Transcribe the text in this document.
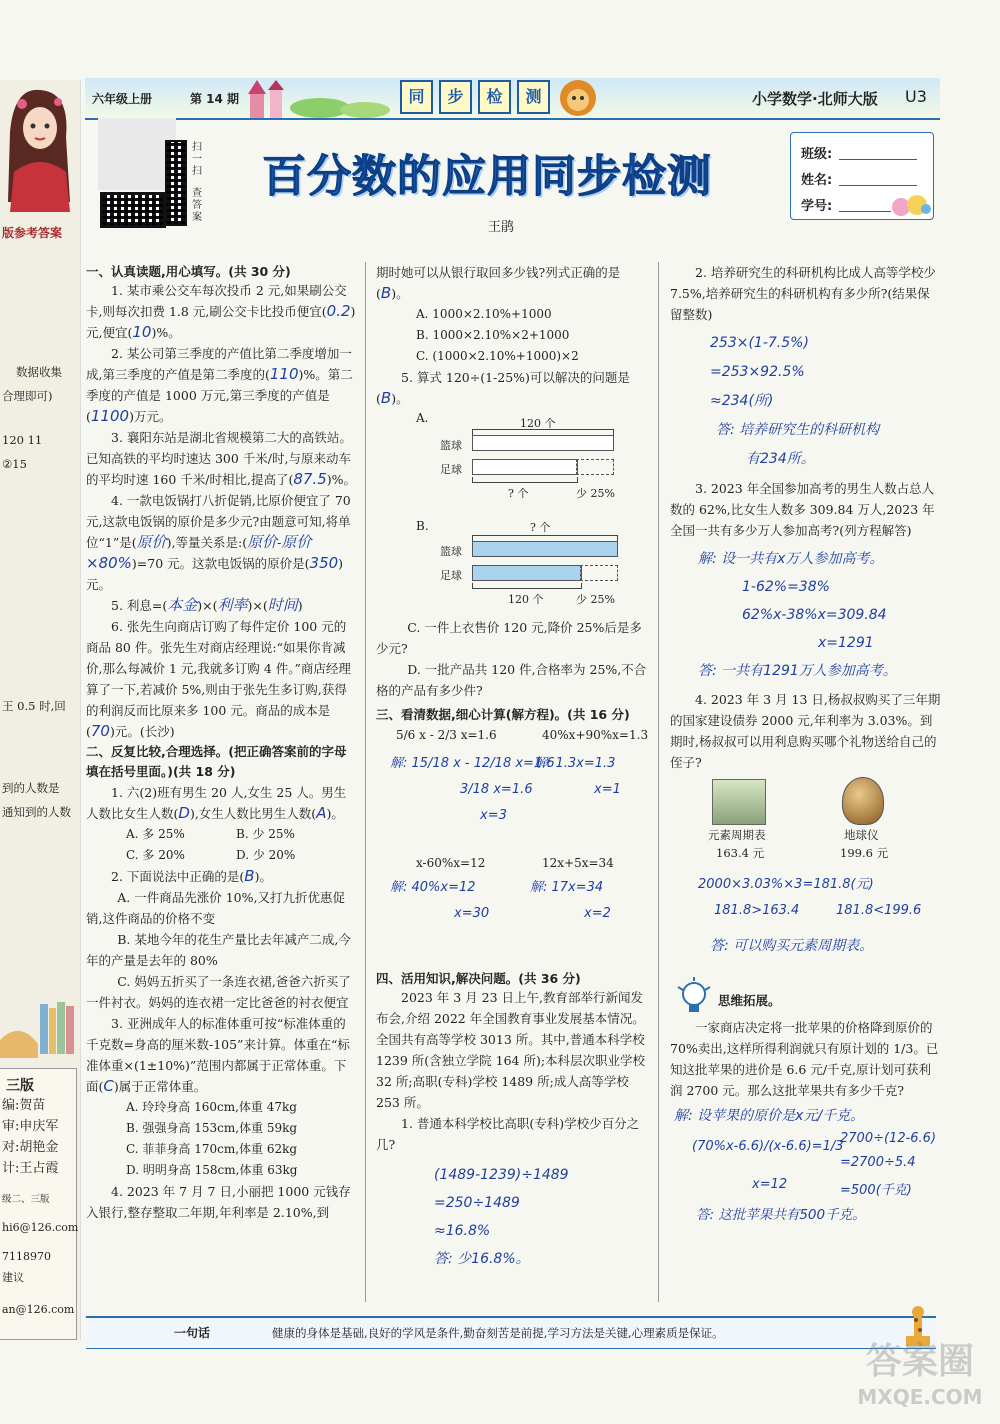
版参考答案
数据收集
合理即可)
120 11
②15
王 0.5 时,回
到的人数是
通知到的人数
三版
编:贺苗
审:申庆军
对:胡艳金
计:王占霞
级二、三版
hi6@126.com
7118970
建议
an@126.com
六年级上册	第 14 期	同	步	检	测	小学数学·北师大版 U3
扫一扫
查答案
百分数的应用同步检测
王鹃
班级:
姓名:
学号:

一、认真读题,用心填写。(共 30 分)

1. 某市乘公交车每次投币 2 元,如果刷公交卡,则每次扣费 1.8 元,刷公交卡比投币便宜(0.2)元,便宜(10)%。

2. 某公司第三季度的产值比第二季度增加一成,第三季度的产值是第二季度的(110)%。第二季度的产值是 1000 万元,第三季度的产值是(1100)万元。

3. 襄阳东站是湖北省规模第二大的高铁站。已知高铁的平均时速达 300 千米/时,与原来动车的平均时速 160 千米/时相比,提高了(87.5)%。

4. 一款电饭锅打八折促销,比原价便宜了 70 元,这款电饭锅的原价是多少元?由题意可知,将单位“1”是(原价),等量关系是:(原价-原价×80%)=70 元。这款电饭锅的原价是(350)元。

5. 利息=(本金)×(利率)×(时间)

6. 张先生向商店订购了每件定价 100 元的商品 80 件。张先生对商店经理说:“如果你肯减价,那么每减价 1 元,我就多订购 4 件。”商店经理算了一下,若减价 5%,则由于张先生多订购,获得的利润反而比原来多 100 元。商品的成本是(70)元。(长沙)

二、反复比较,合理选择。(把正确答案前的字母填在括号里面。)(共 18 分)

1. 六(2)班有男生 20 人,女生 25 人。男生人数比女生人数(D),女生人数比男生人数(A)。

A. 多 25%	B. 少 25%
C. 多 20%	D. 少 20%

2. 下面说法中正确的是(B)。

A. 一件商品先涨价 10%,又打九折优惠促销,这件商品的价格不变

B. 某地今年的花生产量比去年减产二成,今年的产量是去年的 80%

C. 妈妈五折买了一条连衣裙,爸爸六折买了一件衬衣。妈妈的连衣裙一定比爸爸的衬衣便宜

3. 亚洲成年人的标准体重可按“标准体重的千克数=身高的厘米数-105”来计算。体重在“标准体重×(1±10%)”范围内都属于正常体重。下面(C)属于正常体重。

A. 玲玲身高 160cm,体重 47kg

B. 强强身高 153cm,体重 59kg

C. 菲菲身高 170cm,体重 62kg

D. 明明身高 158cm,体重 63kg

4. 2023 年 7 月 7 日,小丽把 1000 元钱存入银行,整存整取二年期,年利率是 2.10%,到

期时她可以从银行取回多少钱?列式正确的是(B)。

A. 1000×2.10%+1000

B. 1000×2.10%×2+1000

C. (1000×2.10%+1000)×2

5. 算式 120÷(1-25%)可以解决的问题是(B)。

A.	120 个
篮球
足球
? 个	少 25%
B.	? 个
篮球
足球
120 个	少 25%

C. 一件上衣售价 120 元,降价 25%后是多少元?

D. 一批产品共 120 件,合格率为 25%,不合格的产品有多少件?

三、看清数据,细心计算(解方程)。(共 16 分)

5/6 x - 2/3 x=1.6	40%x+90%x=1.3
解: 15/18 x - 12/18 x=1.6
3/18 x=1.6
x=3
解: 1.3x=1.3
x=1
x-60%x=12	12x+5x=34
解: 40%x=12
x=30
解: 17x=34
x=2

四、活用知识,解决问题。(共 36 分)

2023 年 3 月 23 日上午,教育部举行新闻发布会,介绍 2022 年全国教育事业发展基本情况。全国共有高等学校 3013 所。其中,普通本科学校 1239 所(含独立学院 164 所);本科层次职业学校 32 所;高职(专科)学校 1489 所;成人高等学校 253 所。

1. 普通本科学校比高职(专科)学校少百分之几?

(1489-1239)÷1489
=250÷1489
≈16.8%
答: 少16.8%。

2. 培养研究生的科研机构比成人高等学校少 7.5%,培养研究生的科研机构有多少所?(结果保留整数)

253×(1-7.5%)
=253×92.5%
≈234(所)
答: 培养研究生的科研机构
有234所。

3. 2023 年全国参加高考的男生人数占总人数的 62%,比女生人数多 309.84 万人,2023 年全国一共有多少万人参加高考?(列方程解答)

解: 设一共有x万人参加高考。
1-62%=38%
62%x-38%x=309.84
x=1291
答: 一共有1291万人参加高考。

4. 2023 年 3 月 13 日,杨叔叔购买了三年期的国家建设债券 2000 元,年利率为 3.03%。到期时,杨叔叔可以用利息购买哪个礼物送给自己的侄子?

元素周期表
163.4 元
地球仪
199.6 元
2000×3.03%×3=181.8(元)
181.8>163.4	181.8<199.6
答: 可以购买元素周期表。
思维拓展。

一家商店决定将一批苹果的价格降到原价的 70%卖出,这样所得利润就只有原计划的 1/3。已知这批苹果的进价是 6.6 元/千克,原计划可获利润 2700 元。那么这批苹果共有多少千克?

解: 设苹果的原价是x元/千克。
(70%x-6.6)/(x-6.6)=1/3
x=12
2700÷(12-6.6)
=2700÷5.4
=500(千克)
答: 这批苹果共有500千克。
一句话	健康的身体是基础,良好的学风是条件,勤奋刻苦是前提,学习方法是关键,心理素质是保证。
答案圈
MXQE.COM
